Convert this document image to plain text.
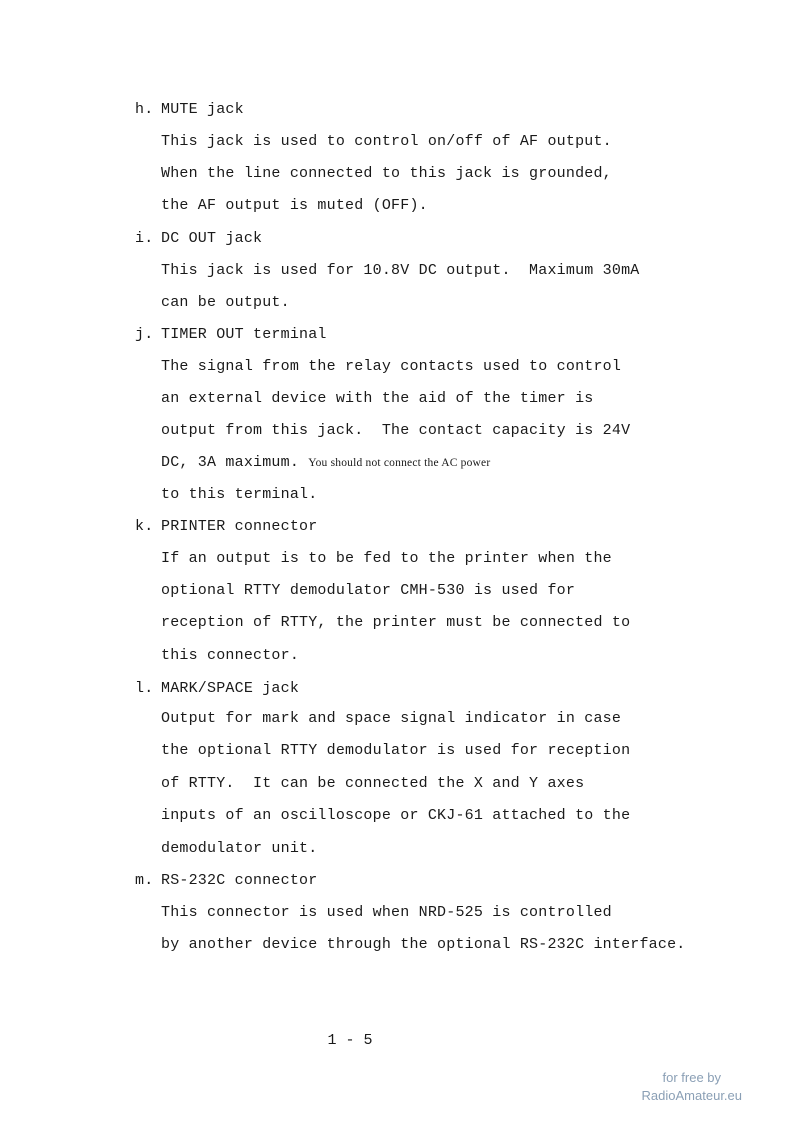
h. MUTE jack
This jack is used to control on/off of AF output.
When the line connected to this jack is grounded,
the AF output is muted (OFF).
i. DC OUT jack
This jack is used for 10.8V DC output.  Maximum 30mA
can be output.
j. TIMER OUT terminal
The signal from the relay contacts used to control
an external device with the aid of the timer is
output from this jack.  The contact capacity is 24V
DC, 3A maximum. You should not connect the AC power
to this terminal.
k. PRINTER connector
If an output is to be fed to the printer when the
optional RTTY demodulator CMH-530 is used for
reception of RTTY, the printer must be connected to
this connector.
l. MARK/SPACE jack
Output for mark and space signal indicator in case
the optional RTTY demodulator is used for reception
of RTTY.  It can be connected the X and Y axes
inputs of an oscilloscope or CKJ-61 attached to the
demodulator unit.
m. RS-232C connector
This connector is used when NRD-525 is controlled
by another device through the optional RS-232C interface.
1 - 5
for free by
RadioAmateur.eu
